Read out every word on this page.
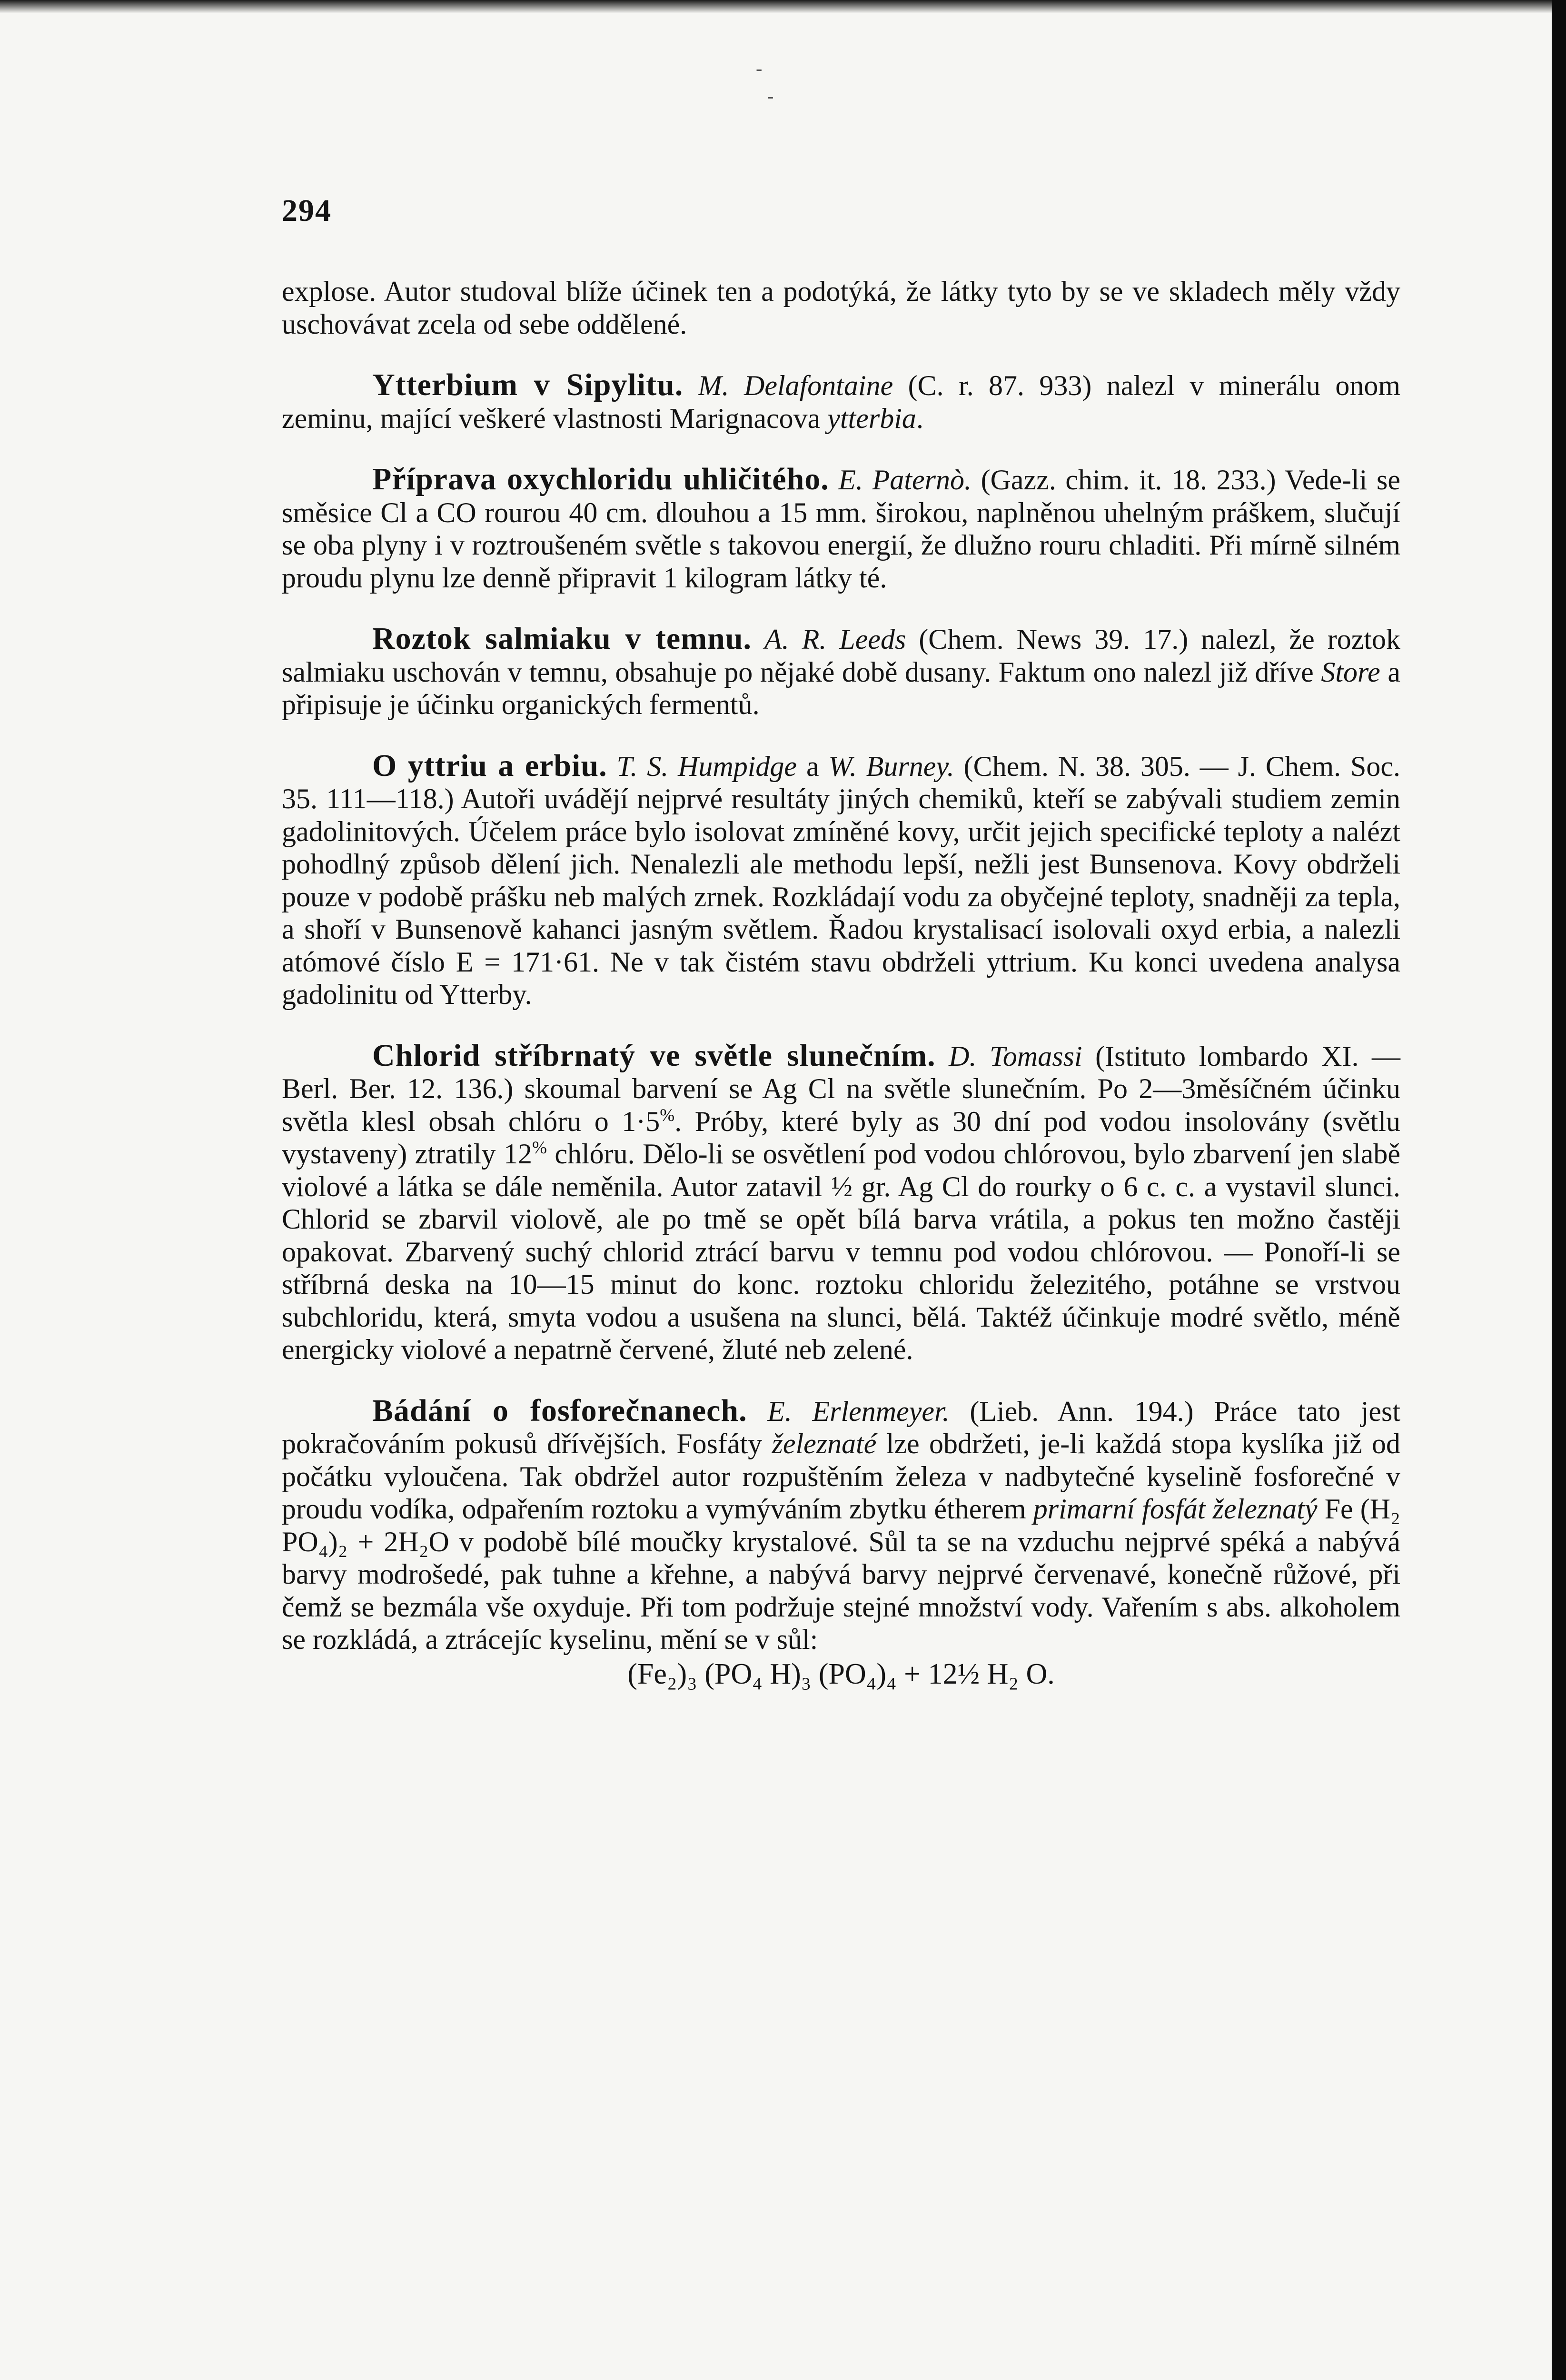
-
-
294

explose. Autor studoval blíže účinek ten a podotýká, že látky tyto by se ve skladech měly vždy uschovávat zcela od sebe oddělené.

Ytterbium v Sipylitu. M. Delafontaine (C. r. 87. 933) nalezl v minerálu onom zeminu, mající veškeré vlastnosti Marignacova ytterbia.

Příprava oxychloridu uhličitého. E. Paternò. (Gazz. chim. it. 18. 233.) Vede-li se směsice Cl a CO rourou 40 cm. dlouhou a 15 mm. širokou, naplněnou uhelným práškem, slučují se oba plyny i v roztroušeném světle s takovou energií, že dlužno rouru chladiti. Při mírně silném proudu plynu lze denně připravit 1 kilogram látky té.

Roztok salmiaku v temnu. A. R. Leeds (Chem. News 39. 17.) nalezl, že roztok salmiaku uschován v temnu, obsahuje po nějaké době dusany. Faktum ono nalezl již dříve Store a připisuje je účinku organických fermentů.

O yttriu a erbiu. T. S. Humpidge a W. Burney. (Chem. N. 38. 305. — J. Chem. Soc. 35. 111—118.) Autoři uvádějí nejprvé resultáty jiných chemiků, kteří se zabývali studiem zemin gadolinitových. Účelem práce bylo isolovat zmíněné kovy, určit jejich specifické teploty a nalézt pohodlný způsob dělení jich. Nenalezli ale methodu lepší, nežli jest Bunsenova. Kovy obdrželi pouze v podobě prášku neb malých zrnek. Rozkládají vodu za obyčejné teploty, snadněji za tepla, a shoří v Bunsenově kahanci jasným světlem. Řadou krystalisací isolovali oxyd erbia, a nalezli atómové číslo E = 171·61. Ne v tak čistém stavu obdrželi yttrium. Ku konci uvedena analysa gadolinitu od Ytterby.

Chlorid stříbrnatý ve světle slunečním. D. Tomassi (Istituto lombardo XI. — Berl. Ber. 12. 136.) skoumal barvení se Ag Cl na světle slunečním. Po 2—3měsíčném účinku světla klesl obsah chlóru o 1·5%. Próby, které byly as 30 dní pod vodou insolovány (světlu vystaveny) ztratily 12% chlóru. Dělo-li se osvětlení pod vodou chlórovou, bylo zbarvení jen slabě violové a látka se dále neměnila. Autor zatavil ½ gr. Ag Cl do rourky o 6 c. c. a vystavil slunci. Chlorid se zbarvil violově, ale po tmě se opět bílá barva vrátila, a pokus ten možno častěji opakovat. Zbarvený suchý chlorid ztrácí barvu v temnu pod vodou chlórovou. — Ponoří-li se stříbrná deska na 10—15 minut do konc. roztoku chloridu železitého, potáhne se vrstvou subchloridu, která, smyta vodou a usušena na slunci, bělá. Taktéž účinkuje modré světlo, méně energicky violové a nepatrně červené, žluté neb zelené.

Bádání o fosforečnanech. E. Erlenmeyer. (Lieb. Ann. 194.) Práce tato jest pokračováním pokusů dřívějších. Fosfáty železnaté lze obdržeti, je-li každá stopa kyslíka již od počátku vyloučena. Tak obdržel autor rozpuštěním železa v nadbytečné kyselině fosforečné v proudu vodíka, odpařením roztoku a vymýváním zbytku étherem primarní fosfát železnatý Fe (H₂ PO₄)₂ + 2H₂O v podobě bílé moučky krystalové. Sůl ta se na vzduchu nejprvé spéká a nabývá barvy modrošedé, pak tuhne a křehne, a nabývá barvy nejprvé červenavé, konečně růžové, při čemž se bezmála vše oxyduje. Při tom podržuje stejné množství vody. Vařením s abs. alkoholem se rozkládá, a ztrácejíc kyselinu, mění se v sůl:

(Fe₂)₃ (PO₄ H)₃ (PO₄)₄ + 12½ H₂ O.
